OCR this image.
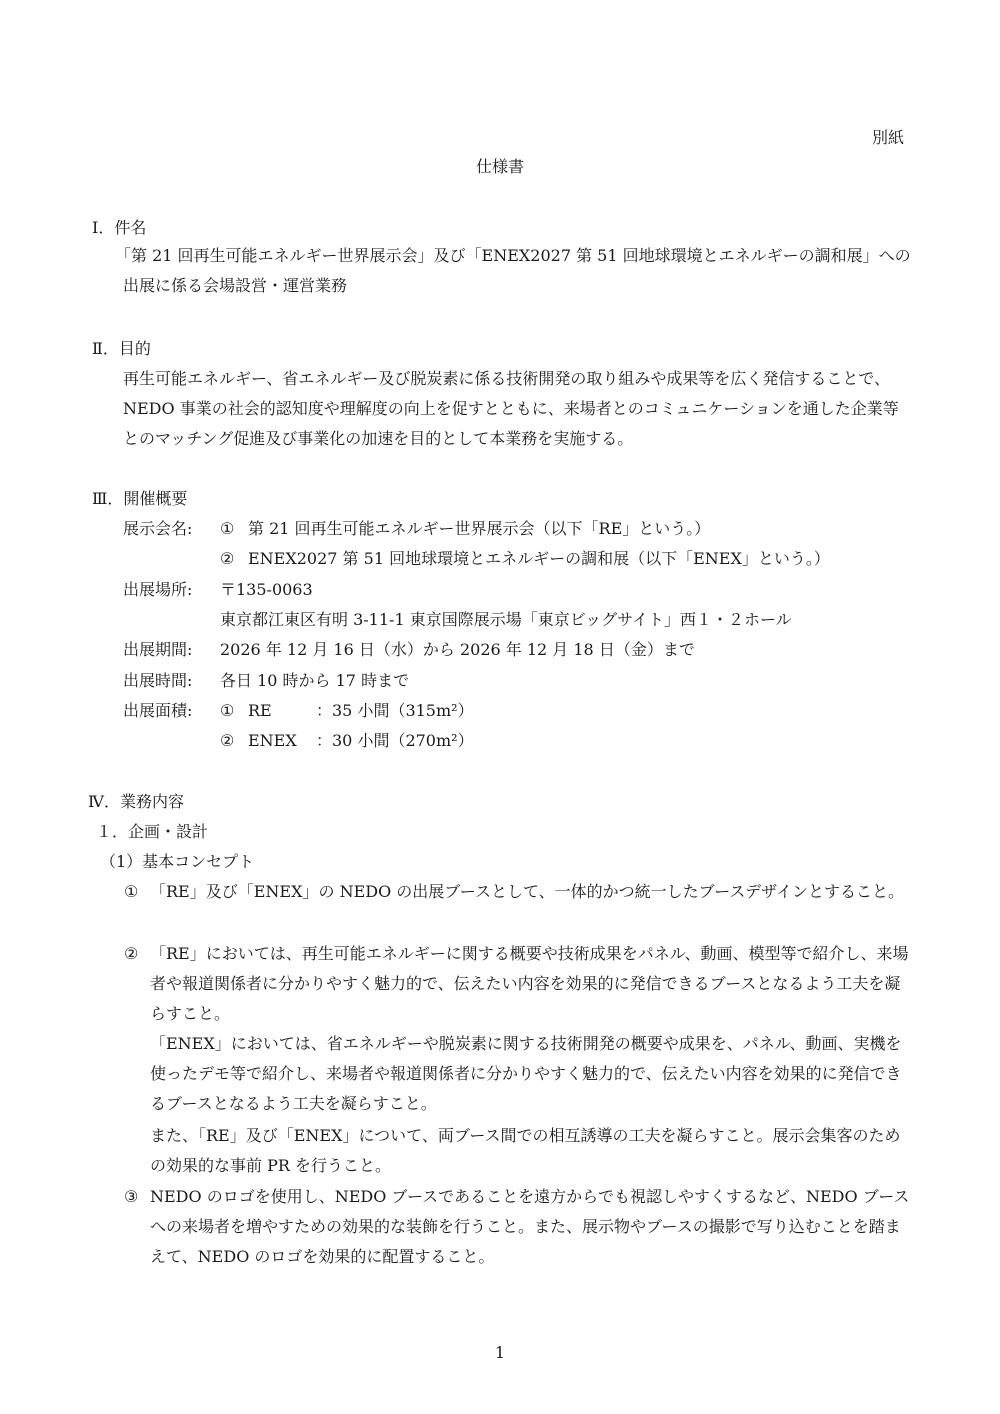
別紙
仕様書
Ⅰ．件名
「第 21 回再生可能エネルギー世界展示会」及び「ENEX2027 第 51 回地球環境とエネルギーの調和展」への出展に係る会場設営・運営業務
Ⅱ．目的
再生可能エネルギー、省エネルギー及び脱炭素に係る技術開発の取り組みや成果等を広く発信することで、NEDO 事業の社会的認知度や理解度の向上を促すとともに、来場者とのコミュニケーションを通した企業等とのマッチング促進及び事業化の加速を目的として本業務を実施する。
Ⅲ．開催概要
展示会名:	① 第 21 回再生可能エネルギー世界展示会（以下「RE」という。）
② ENEX2027 第 51 回地球環境とエネルギーの調和展（以下「ENEX」という。）
出展場所:	〒135-0063
東京都江東区有明 3-11-1 東京国際展示場「東京ビッグサイト」西１・２ホール
出展期間:	2026 年 12 月 16 日（水）から 2026 年 12 月 18 日（金）まで
出展時間:	各日 10 時から 17 時まで
出展面積:	① RE	：35 小間（315m²）
② ENEX ：30 小間（270m²）
Ⅳ．業務内容
１．企画・設計
（1）基本コンセプト
① 「RE」及び「ENEX」の NEDO の出展ブースとして、一体的かつ統一したブースデザインとすること。
② 「RE」においては、再生可能エネルギーに関する概要や技術成果をパネル、動画、模型等で紹介し、来場者や報道関係者に分かりやすく魅力的で、伝えたい内容を効果的に発信できるブースとなるよう工夫を凝らすこと。
「ENEX」においては、省エネルギーや脱炭素に関する技術開発の概要や成果を、パネル、動画、実機を使ったデモ等で紹介し、来場者や報道関係者に分かりやすく魅力的で、伝えたい内容を効果的に発信できるブースとなるよう工夫を凝らすこと。
また、「RE」及び「ENEX」について、両ブース間での相互誘導の工夫を凝らすこと。展示会集客のための効果的な事前 PR を行うこと。
③ NEDO のロゴを使用し、NEDO ブースであることを遠方からでも視認しやすくするなど、NEDO ブースへの来場者を増やすための効果的な装飾を行うこと。また、展示物やブースの撮影で写り込むことを踏まえて、NEDO のロゴを効果的に配置すること。
1
